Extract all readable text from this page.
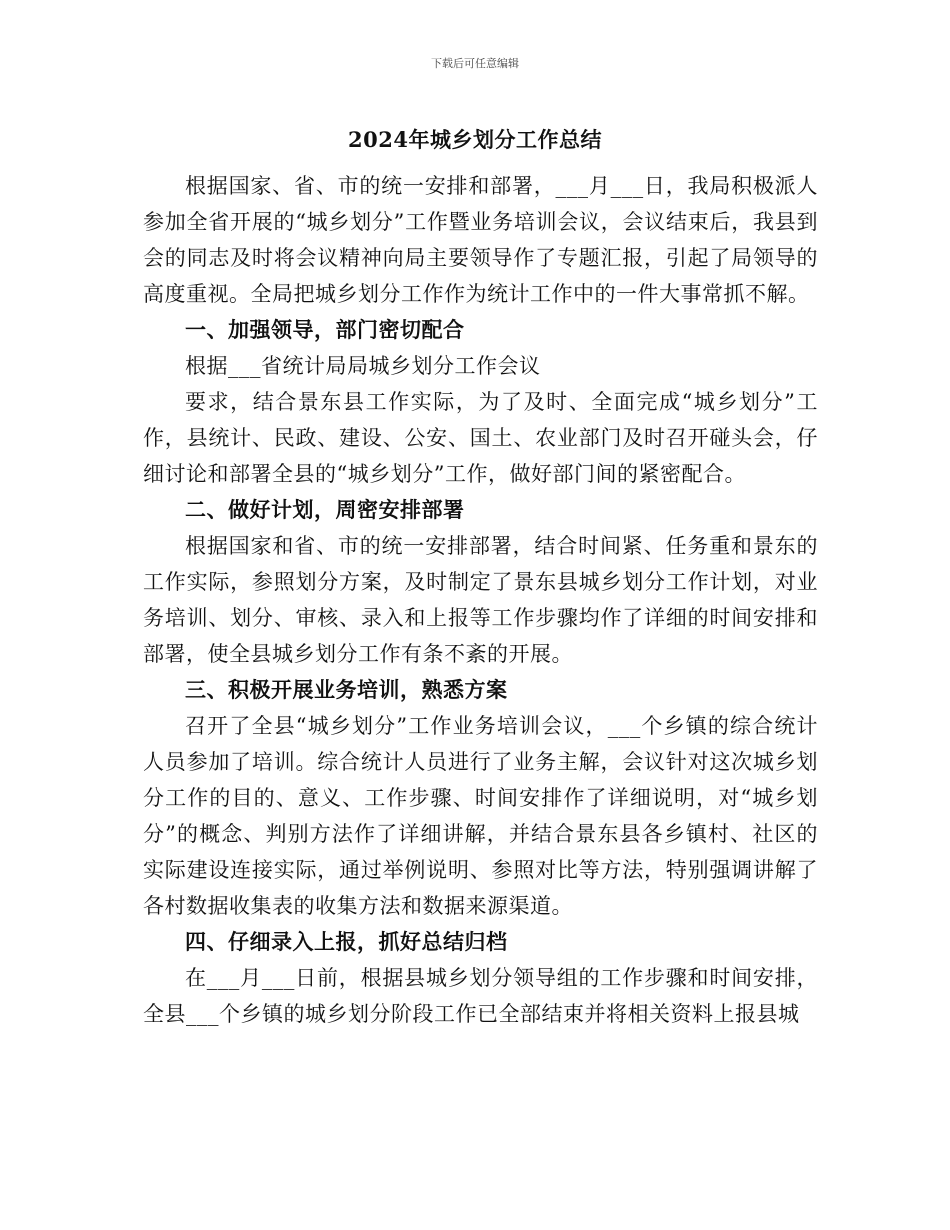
下载后可任意编辑
2024年城乡划分工作总结

根据国家、省、市的统一安排和部署，___月___日，我局积极派人参加全省开展的“城乡划分”工作暨业务培训会议，会议结束后，我县到会的同志及时将会议精神向局主要领导作了专题汇报，引起了局领导的高度重视。全局把城乡划分工作作为统计工作中的一件大事常抓不解。

一、加强领导，部门密切配合

根据___省统计局局城乡划分工作会议

要求，结合景东县工作实际，为了及时、全面完成“城乡划分”工作，县统计、民政、建设、公安、国土、农业部门及时召开碰头会，仔细讨论和部署全县的“城乡划分”工作，做好部门间的紧密配合。

二、做好计划，周密安排部署

根据国家和省、市的统一安排部署，结合时间紧、任务重和景东的工作实际，参照划分方案，及时制定了景东县城乡划分工作计划，对业务培训、划分、审核、录入和上报等工作步骤均作了详细的时间安排和部署，使全县城乡划分工作有条不紊的开展。

三、积极开展业务培训，熟悉方案

召开了全县“城乡划分”工作业务培训会议，___个乡镇的综合统计人员参加了培训。综合统计人员进行了业务主解，会议针对这次城乡划分工作的目的、意义、工作步骤、时间安排作了详细说明，对“城乡划分”的概念、判别方法作了详细讲解，并结合景东县各乡镇村、社区的实际建设连接实际，通过举例说明、参照对比等方法，特别强调讲解了各村数据收集表的收集方法和数据来源渠道。

四、仔细录入上报，抓好总结归档

在___月___日前，根据县城乡划分领导组的工作步骤和时间安排，全县___个乡镇的城乡划分阶段工作已全部结束并将相关资料上报县城
